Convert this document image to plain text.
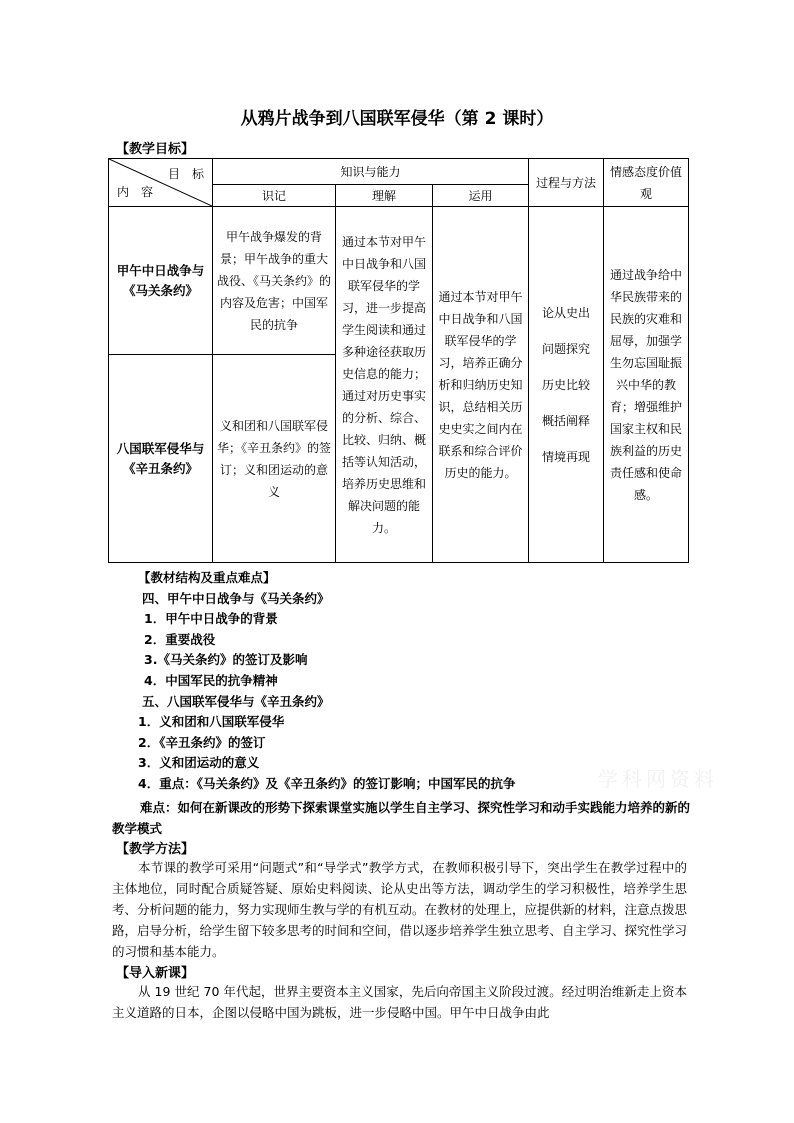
从鸦片战争到八国联军侵华（第 2 课时）
【教学目标】
目　标
内　容	知识与能力			过程与方法	情感态度价值观
	识记	理解	运用		
甲午中日战争与《马关条约》	甲午战争爆发的背景；甲午战争的重大战役、《马关条约》的内容及危害；中国军民的抗争	通过本节对甲午中日战争和八国联军侵华的学习，进一步提高学生阅读和通过多种途径获取历史信息的能力；通过对历史事实的分析、综合、比较、归纳、概括等认知活动，培养历史思维和解决问题的能力。	通过本节对甲午中日战争和八国联军侵华的学习，培养正确分析和归纳历史知识，总结相关历史史实之间内在联系和综合评价历史的能力。	论从史出
问题探究
历史比较
概括阐释
情境再现	通过战争给中华民族带来的民族的灾难和屈辱，加强学生勿忘国耻振兴中华的教育；增强维护国家主权和民族利益的历史责任感和使命感。
八国联军侵华与《辛丑条约》	义和团和八国联军侵华；《辛丑条约》的签订；义和团运动的意义				
【教材结构及重点难点】
四、甲午中日战争与《马关条约》
1．甲午中日战争的背景
2．重要战役
3.《马关条约》的签订及影响
4．中国军民的抗争精神
五、八国联军侵华与《辛丑条约》
1．义和团和八国联军侵华
2．《辛丑条约》的签订
3．义和团运动的意义
4．重点：《马关条约》及《辛丑条约》的签订影响；中国军民的抗争	学科网资料
难点：如何在新课改的形势下探索课堂实施以学生自主学习、探究性学习和动手实践能力培养的新的教学模式
【教学方法】
本节课的教学可采用“问题式”和“导学式”教学方式，在教师积极引导下，突出学生在教学过程中的主体地位，同时配合质疑答疑、原始史料阅读、论从史出等方法，调动学生的学习积极性，培养学生思考、分析问题的能力，努力实现师生教与学的有机互动。在教材的处理上，应提供新的材料，注意点拨思路，启导分析，给学生留下较多思考的时间和空间，借以逐步培养学生独立思考、自主学习、探究性学习的习惯和基本能力。
【导入新课】
从 19 世纪 70 年代起，世界主要资本主义国家，先后向帝国主义阶段过渡。经过明治维新走上资本主义道路的日本，企图以侵略中国为跳板，进一步侵略中国。甲午中日战争由此
